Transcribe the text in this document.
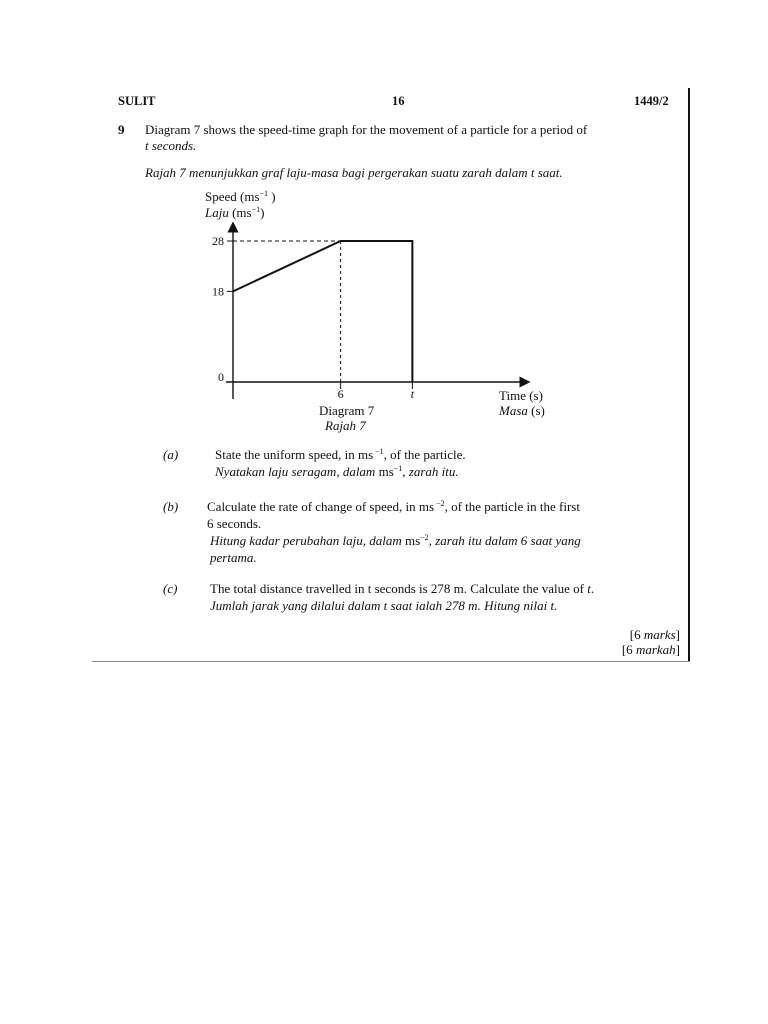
SULIT	16	1449/2
9 Diagram 7 shows the speed-time graph for the movement of a particle for a period of
t seconds.
Rajah 7 menunjukkan graf laju-masa bagi pergerakan suatu zarah dalam t saat.
Speed ($ms^{-1}$ )
Laju $(ms^{-1})$
0
18
28
6	t	Time (s)
Masa (s)
Diagram 7
Rajah 7
(a)	State the uniform speed, in ms $^{-1}$, of the particle.
Nyatakan laju seragam, dalam $ms^{-1}$, zarah itu.
(b) Calculate the rate of change of speed, in ms $^{-2}$, of the particle in the first
6 seconds.
Hitung kadar perubahan laju, dalam $ms^{-2}$, zarah itu dalam 6 saat yang
pertama.
(c)	The total distance travelled in t seconds is 278 m. Calculate the value of t.
Jumlah jarak yang dilalui dalam t saat ialah 278 m. Hitung nilai t.
[6 marks]
[6 markah]
